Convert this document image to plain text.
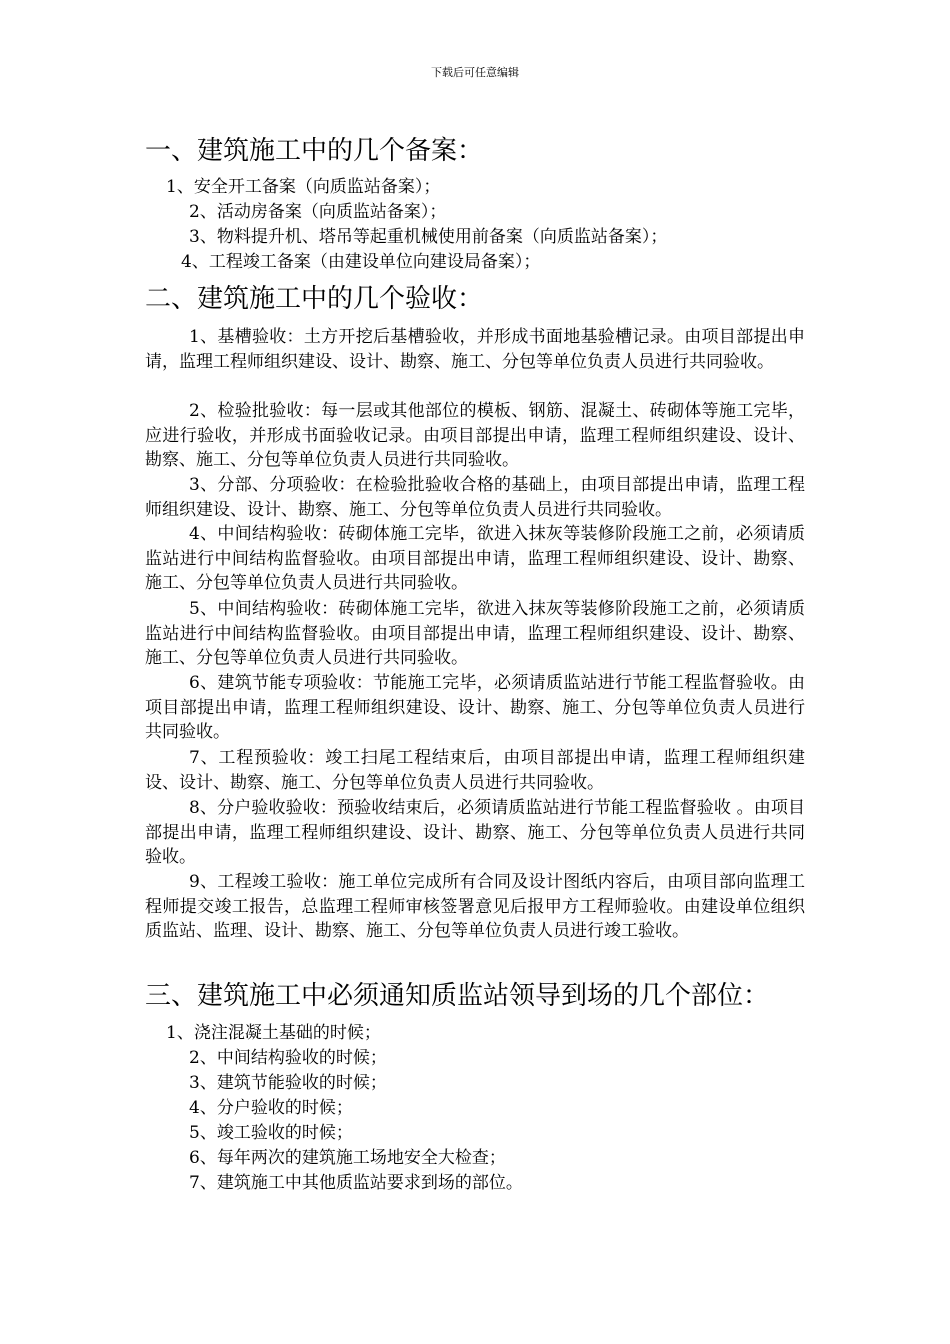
下载后可任意编辑
一、建筑施工中的几个备案：
1、安全开工备案（向质监站备案）；
2、活动房备案（向质监站备案）；
3、物料提升机、塔吊等起重机械使用前备案（向质监站备案）；
4、工程竣工备案（由建设单位向建设局备案）；
二、建筑施工中的几个验收：
1、基槽验收：土方开挖后基槽验收，并形成书面地基验槽记录。由项目部提出申请，监理工程师组织建设、设计、勘察、施工、分包等单位负责人员进行共同验收。
2、检验批验收：每一层或其他部位的模板、钢筋、混凝土、砖砌体等施工完毕，应进行验收，并形成书面验收记录。由项目部提出申请，监理工程师组织建设、设计、勘察、施工、分包等单位负责人员进行共同验收。
3、分部、分项验收：在检验批验收合格的基础上，由项目部提出申请，监理工程师组织建设、设计、勘察、施工、分包等单位负责人员进行共同验收。
4、中间结构验收：砖砌体施工完毕，欲进入抹灰等装修阶段施工之前，必须请质监站进行中间结构监督验收。由项目部提出申请，监理工程师组织建设、设计、勘察、施工、分包等单位负责人员进行共同验收。
5、中间结构验收：砖砌体施工完毕，欲进入抹灰等装修阶段施工之前，必须请质监站进行中间结构监督验收。由项目部提出申请，监理工程师组织建设、设计、勘察、施工、分包等单位负责人员进行共同验收。
6、建筑节能专项验收：节能施工完毕，必须请质监站进行节能工程监督验收。由项目部提出申请，监理工程师组织建设、设计、勘察、施工、分包等单位负责人员进行共同验收。
7、工程预验收：竣工扫尾工程结束后，由项目部提出申请，监理工程师组织建设、设计、勘察、施工、分包等单位负责人员进行共同验收。
8、分户验收验收：预验收结束后，必须请质监站进行节能工程监督验收 。由项目部提出申请，监理工程师组织建设、设计、勘察、施工、分包等单位负责人员进行共同验收。
9、工程竣工验收：施工单位完成所有合同及设计图纸内容后，由项目部向监理工程师提交竣工报告，总监理工程师审核签署意见后报甲方工程师验收。由建设单位组织质监站、监理、设计、勘察、施工、分包等单位负责人员进行竣工验收。
三、建筑施工中必须通知质监站领导到场的几个部位：
1、浇注混凝土基础的时候；
2、中间结构验收的时候；
3、建筑节能验收的时候；
4、分户验收的时候；
5、竣工验收的时候；
6、每年两次的建筑施工场地安全大检查；
7、建筑施工中其他质监站要求到场的部位。
